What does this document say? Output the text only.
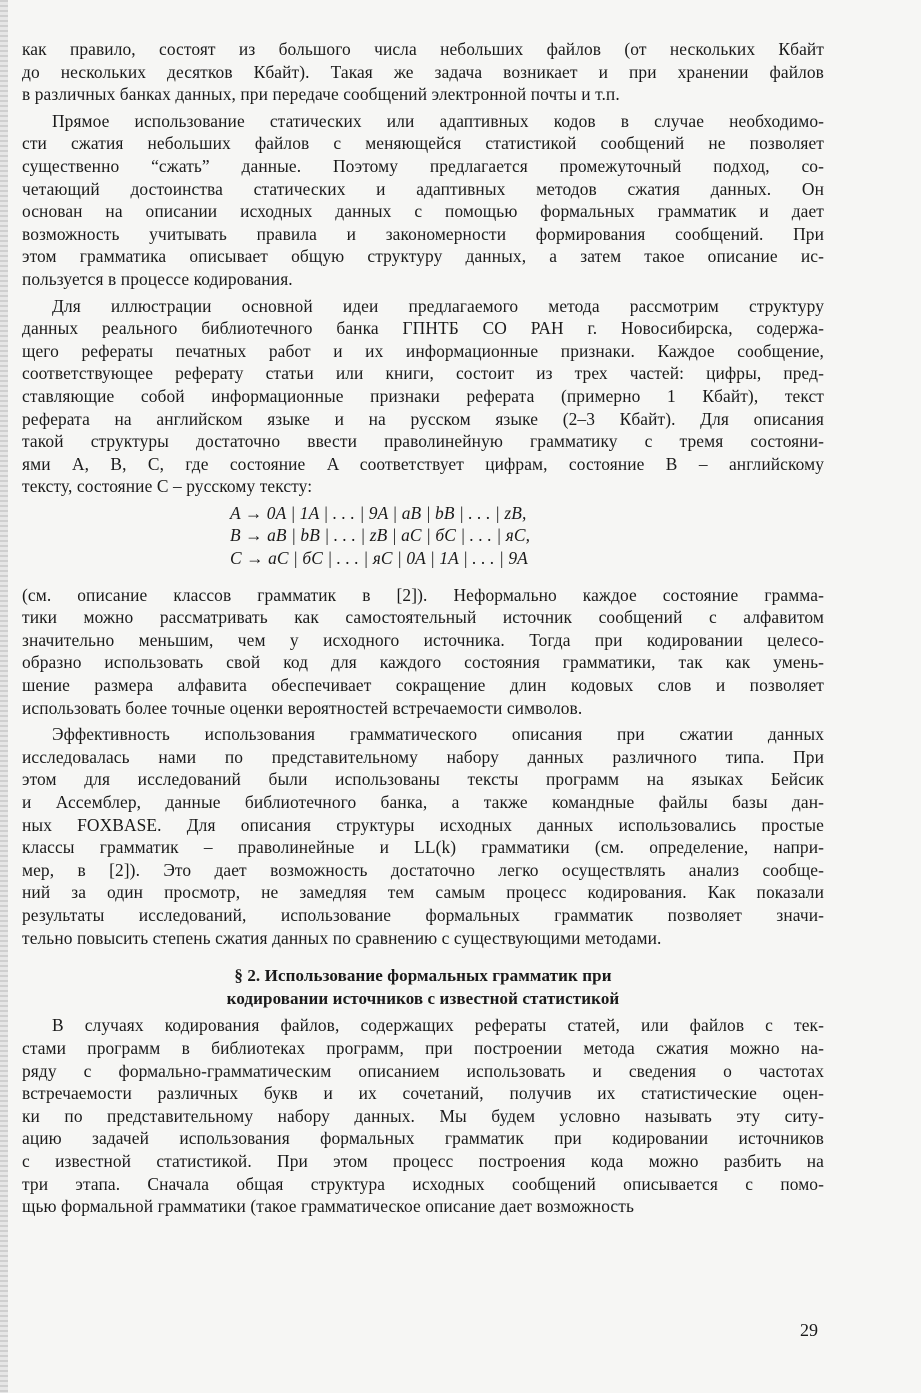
как правило, состоят из большого числа небольших файлов (от нескольких Кбайт
до нескольких десятков Кбайт). Такая же задача возникает и при хранении файлов
в различных банках данных, при передаче сообщений электронной почты и т.п.
Прямое использование статических или адаптивных кодов в случае необходимо-
сти сжатия небольших файлов с меняющейся статистикой сообщений не позволяет
существенно “сжать” данные. Поэтому предлагается промежуточный подход, со-
четающий достоинства статических и адаптивных методов сжатия данных. Он
основан на описании исходных данных с помощью формальных грамматик и дает
возможность учитывать правила и закономерности формирования сообщений. При
этом грамматика описывает общую структуру данных, а затем такое описание ис-
пользуется в процессе кодирования.
Для иллюстрации основной идеи предлагаемого метода рассмотрим структуру
данных реального библиотечного банка ГПНТБ СО РАН г. Новосибирска, содержа-
щего рефераты печатных работ и их информационные признаки. Каждое сообщение,
соответствующее реферату статьи или книги, состоит из трех частей: цифры, пред-
ставляющие собой информационные признаки реферата (примерно 1 Кбайт), текст
реферата на английском языке и на русском языке (2–3 Кбайт). Для описания
такой структуры достаточно ввести праволинейную грамматику с тремя состояни-
ями A, B, C, где состояние A соответствует цифрам, состояние B – английскому
тексту, состояние C – русскому тексту:
A → 0A | 1A | . . . | 9A | aB | bB | . . . | zB,
B → aB | bB | . . . | zB | aC | бC | . . . | яC,
C → aC | бC | . . . | яC | 0A | 1A | . . . | 9A
(см. описание классов грамматик в [2]). Неформально каждое состояние грамма-
тики можно рассматривать как самостоятельный источник сообщений с алфавитом
значительно меньшим, чем у исходного источника. Тогда при кодировании целесо-
образно использовать свой код для каждого состояния грамматики, так как умень-
шение размера алфавита обеспечивает сокращение длин кодовых слов и позволяет
использовать более точные оценки вероятностей встречаемости символов.
Эффективность использования грамматического описания при сжатии данных
исследовалась нами по представительному набору данных различного типа. При
этом для исследований были использованы тексты программ на языках Бейсик
и Ассемблер, данные библиотечного банка, а также командные файлы базы дан-
ных FOXBASE. Для описания структуры исходных данных использовались простые
классы грамматик – праволинейные и LL(k) грамматики (см. определение, напри-
мер, в [2]). Это дает возможность достаточно легко осуществлять анализ сообще-
ний за один просмотр, не замедляя тем самым процесс кодирования. Как показали
результаты исследований, использование формальных грамматик позволяет значи-
тельно повысить степень сжатия данных по сравнению с существующими методами.
§ 2. Использование формальных грамматик при
кодировании источников с известной статистикой
В случаях кодирования файлов, содержащих рефераты статей, или файлов с тек-
стами программ в библиотеках программ, при построении метода сжатия можно на-
ряду с формально-грамматическим описанием использовать и сведения о частотах
встречаемости различных букв и их сочетаний, получив их статистические оцен-
ки по представительному набору данных. Мы будем условно называть эту ситу-
ацию задачей использования формальных грамматик при кодировании источников
с известной статистикой. При этом процесс построения кода можно разбить на
три этапа. Сначала общая структура исходных сообщений описывается с помо-
щью формальной грамматики (такое грамматическое описание дает возможность
29
